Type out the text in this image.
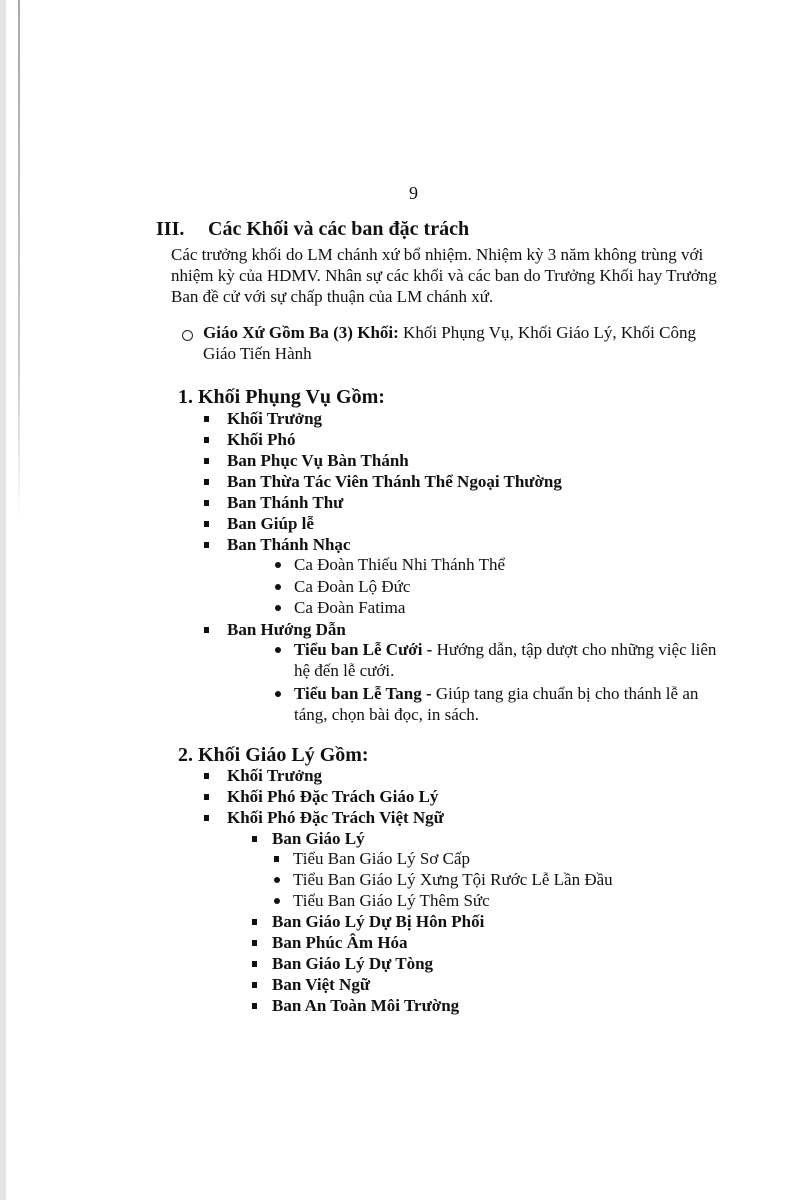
9
III. Các Khối và các ban đặc trách
Các trưởng khối do LM chánh xứ bổ nhiệm. Nhiệm kỳ 3 năm không trùng với
nhiệm kỳ của HDMV. Nhân sự các khối và các ban do Trưởng Khối hay Trưởng
Ban đề cử với sự chấp thuận của LM chánh xứ.
Giáo Xứ Gồm Ba (3) Khối: Khối Phụng Vụ, Khối Giáo Lý, Khối Công
Giáo Tiến Hành
1. Khối Phụng Vụ Gồm:
2. Khối Giáo Lý Gồm:
Khối Trưởng
Khối Phó
Ban Phục Vụ Bàn Thánh
Ban Thừa Tác Viên Thánh Thể Ngoại Thường
Ban Thánh Thư
Ban Giúp lễ
Ban Thánh Nhạc
Ca Đoàn Thiếu Nhi Thánh Thể
Ca Đoàn Lộ Đức
Ca Đoàn Fatima
Ban Hướng Dẫn
Tiểu ban Lễ Cưới - Hướng dẫn, tập dượt cho những việc liên
hệ đến lễ cưới.
Tiểu ban Lễ Tang - Giúp tang gia chuẩn bị cho thánh lễ an
táng, chọn bài đọc, in sách.
Khối Trưởng
Khối Phó Đặc Trách Giáo Lý
Khối Phó Đặc Trách Việt Ngữ
Ban Giáo Lý
Tiểu Ban Giáo Lý Sơ Cấp
Tiểu Ban Giáo Lý Xưng Tội Rước Lễ Lần Đầu
Tiểu Ban Giáo Lý Thêm Sức
Ban Giáo Lý Dự Bị Hôn Phối
Ban Phúc Âm Hóa
Ban Giáo Lý Dự Tòng
Ban Việt Ngữ
Ban An Toàn Môi Trường
